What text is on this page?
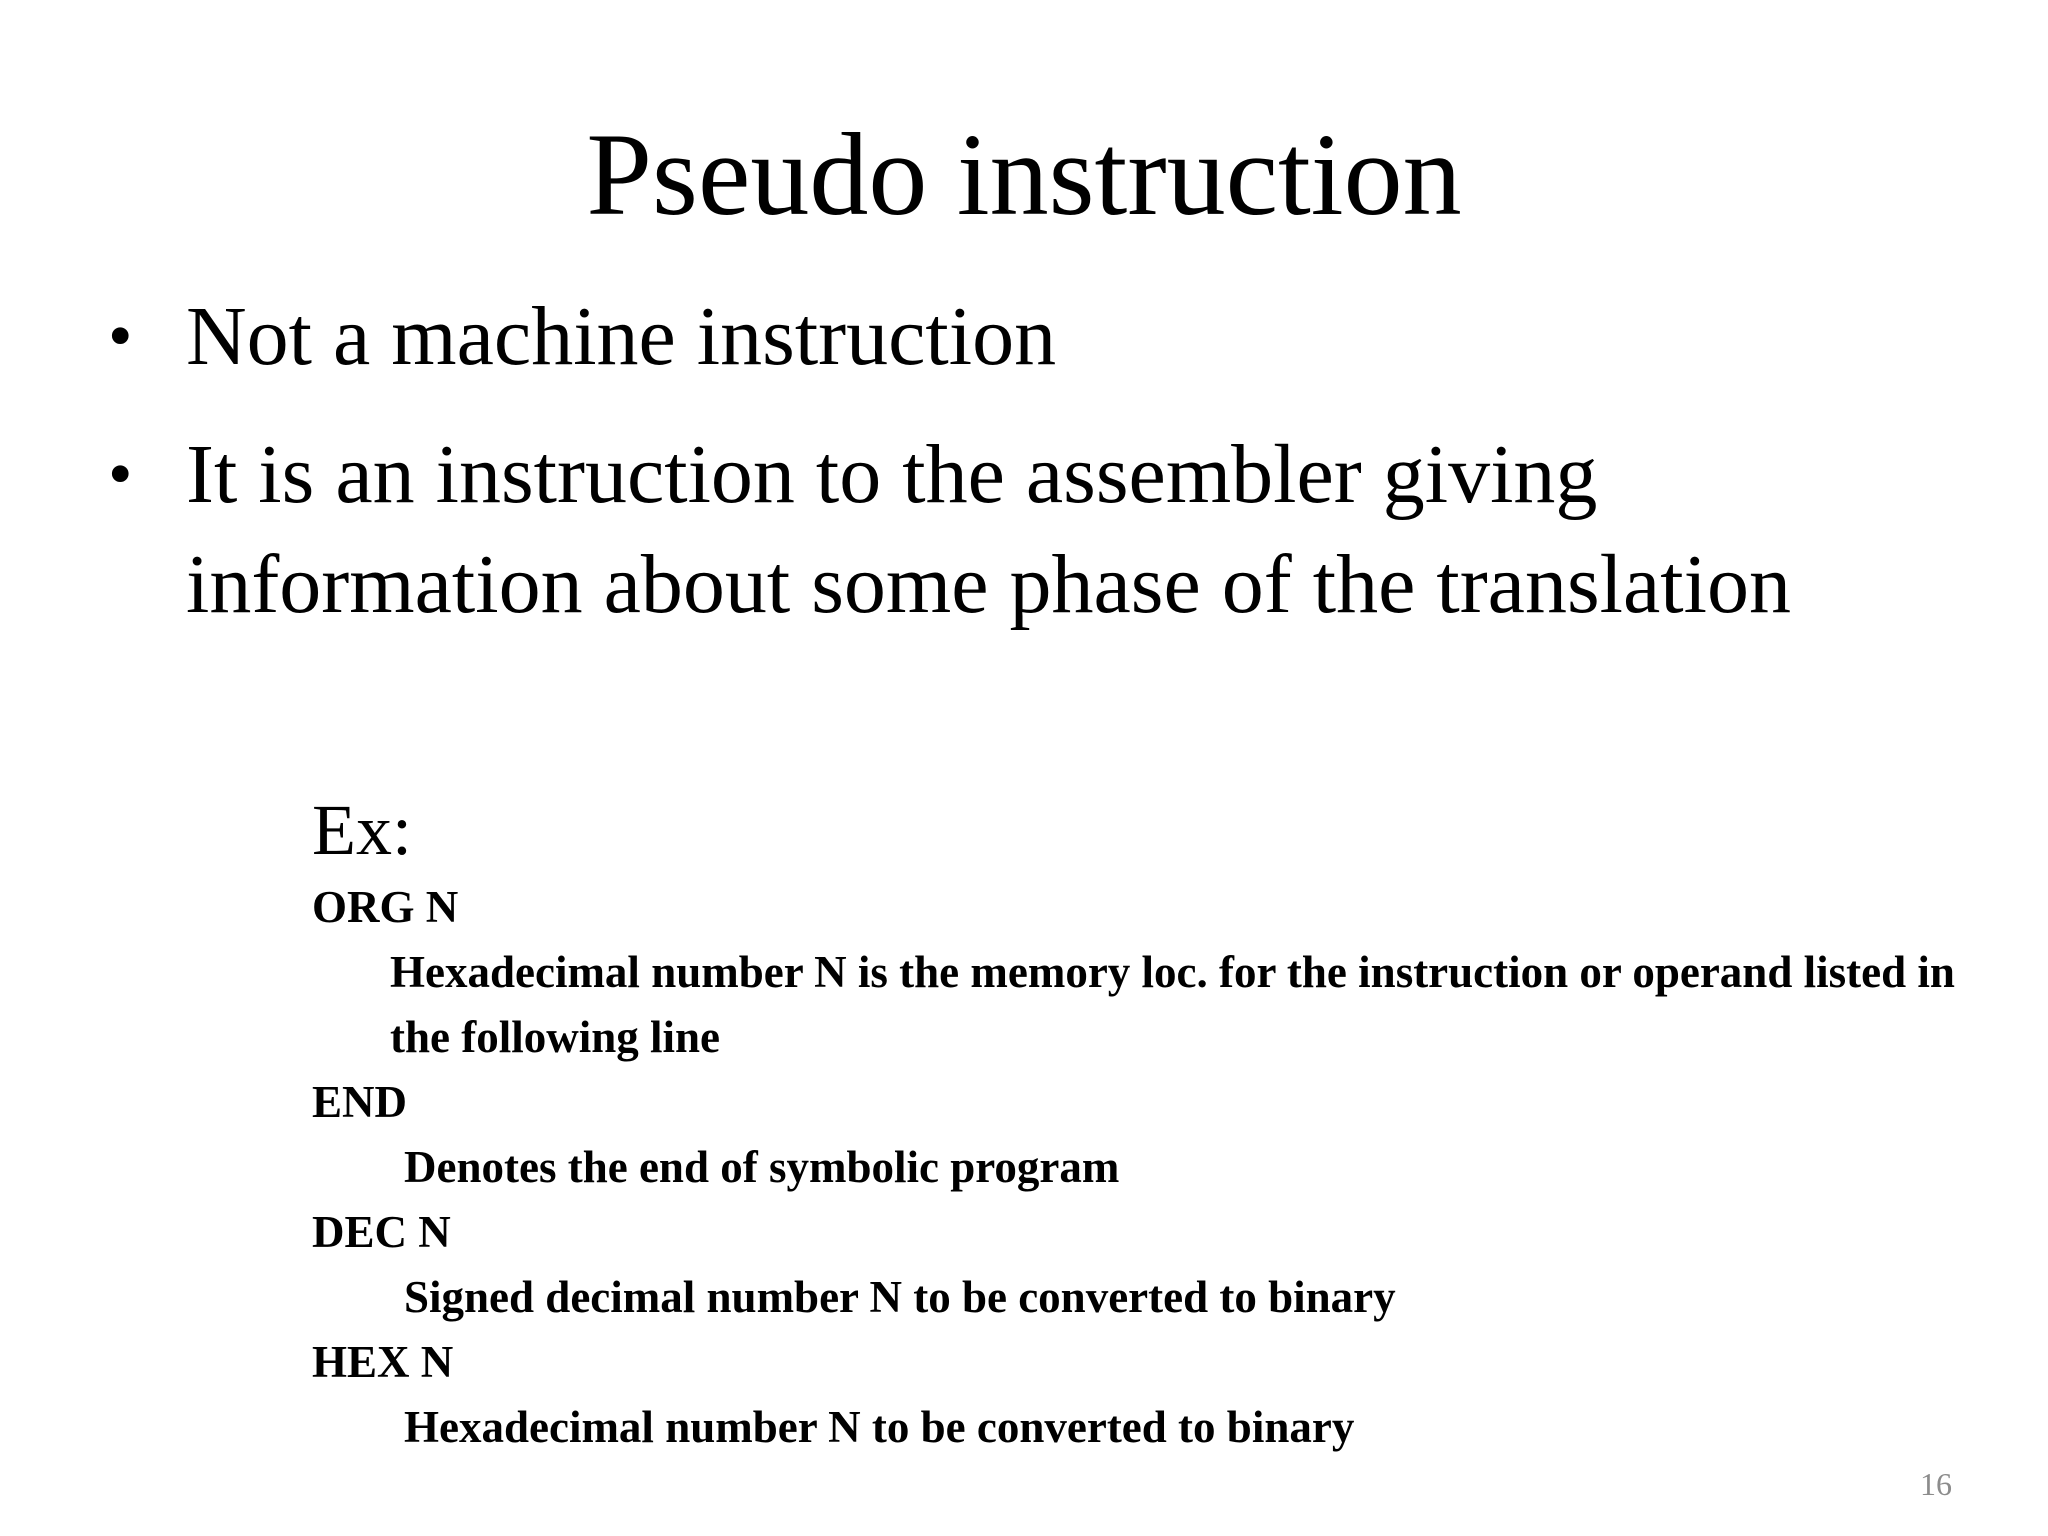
Pseudo instruction
• Not a machine instruction
• It is an instruction to the assembler giving information about some phase of the translation
Ex:
ORG N
Hexadecimal number N is the memory loc. for the instruction or operand listed in the following line
END
Denotes the end of symbolic program
DEC N
Signed decimal number N to be converted to binary
HEX N
Hexadecimal number N to be converted to binary
16
